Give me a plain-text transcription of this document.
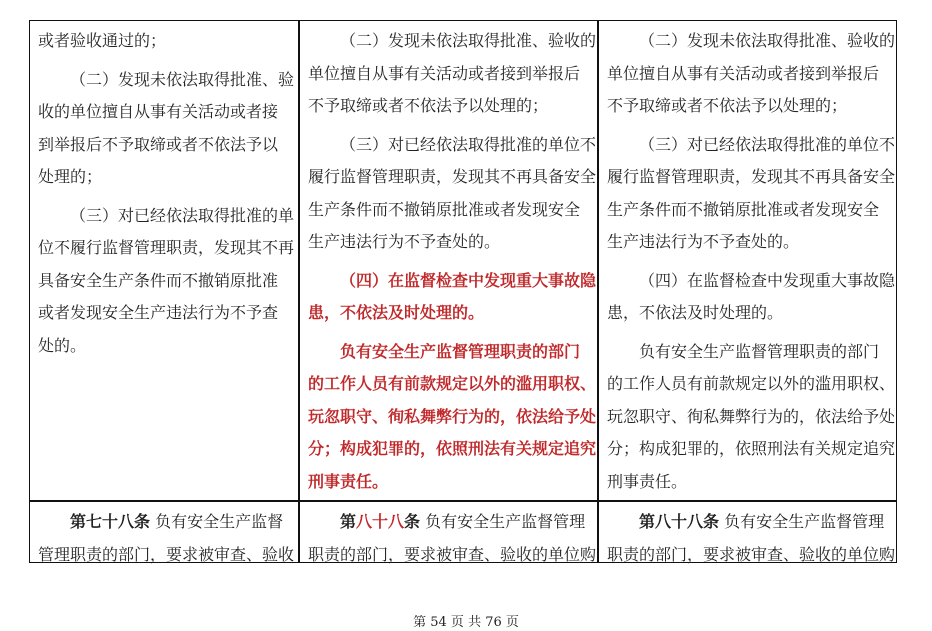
或者验收通过的；
（二）发现未依法取得批准、验
收的单位擅自从事有关活动或者接
到举报后不予取缔或者不依法予以
处理的；
（三）对已经依法取得批准的单
位不履行监督管理职责，发现其不再
具备安全生产条件而不撤销原批准
或者发现安全生产违法行为不予查
处的。
（二）发现未依法取得批准、验收的
单位擅自从事有关活动或者接到举报后
不予取缔或者不依法予以处理的；
（三）对已经依法取得批准的单位不
履行监督管理职责，发现其不再具备安全
生产条件而不撤销原批准或者发现安全
生产违法行为不予查处的。
（四）在监督检查中发现重大事故隐
患，不依法及时处理的。
负有安全生产监督管理职责的部门
的工作人员有前款规定以外的滥用职权、
玩忽职守、徇私舞弊行为的，依法给予处
分；构成犯罪的，依照刑法有关规定追究
刑事责任。
（二）发现未依法取得批准、验收的
单位擅自从事有关活动或者接到举报后
不予取缔或者不依法予以处理的；
（三）对已经依法取得批准的单位不
履行监督管理职责，发现其不再具备安全
生产条件而不撤销原批准或者发现安全
生产违法行为不予查处的。
（四）在监督检查中发现重大事故隐
患，不依法及时处理的。
负有安全生产监督管理职责的部门
的工作人员有前款规定以外的滥用职权、
玩忽职守、徇私舞弊行为的，依法给予处
分；构成犯罪的，依照刑法有关规定追究
刑事责任。
第七十八条 负有安全生产监督
管理职责的部门，要求被审查、验收
第八十八条 负有安全生产监督管理
职责的部门，要求被审查、验收的单位购
第八十八条 负有安全生产监督管理
职责的部门，要求被审查、验收的单位购
第 54 页 共 76 页
